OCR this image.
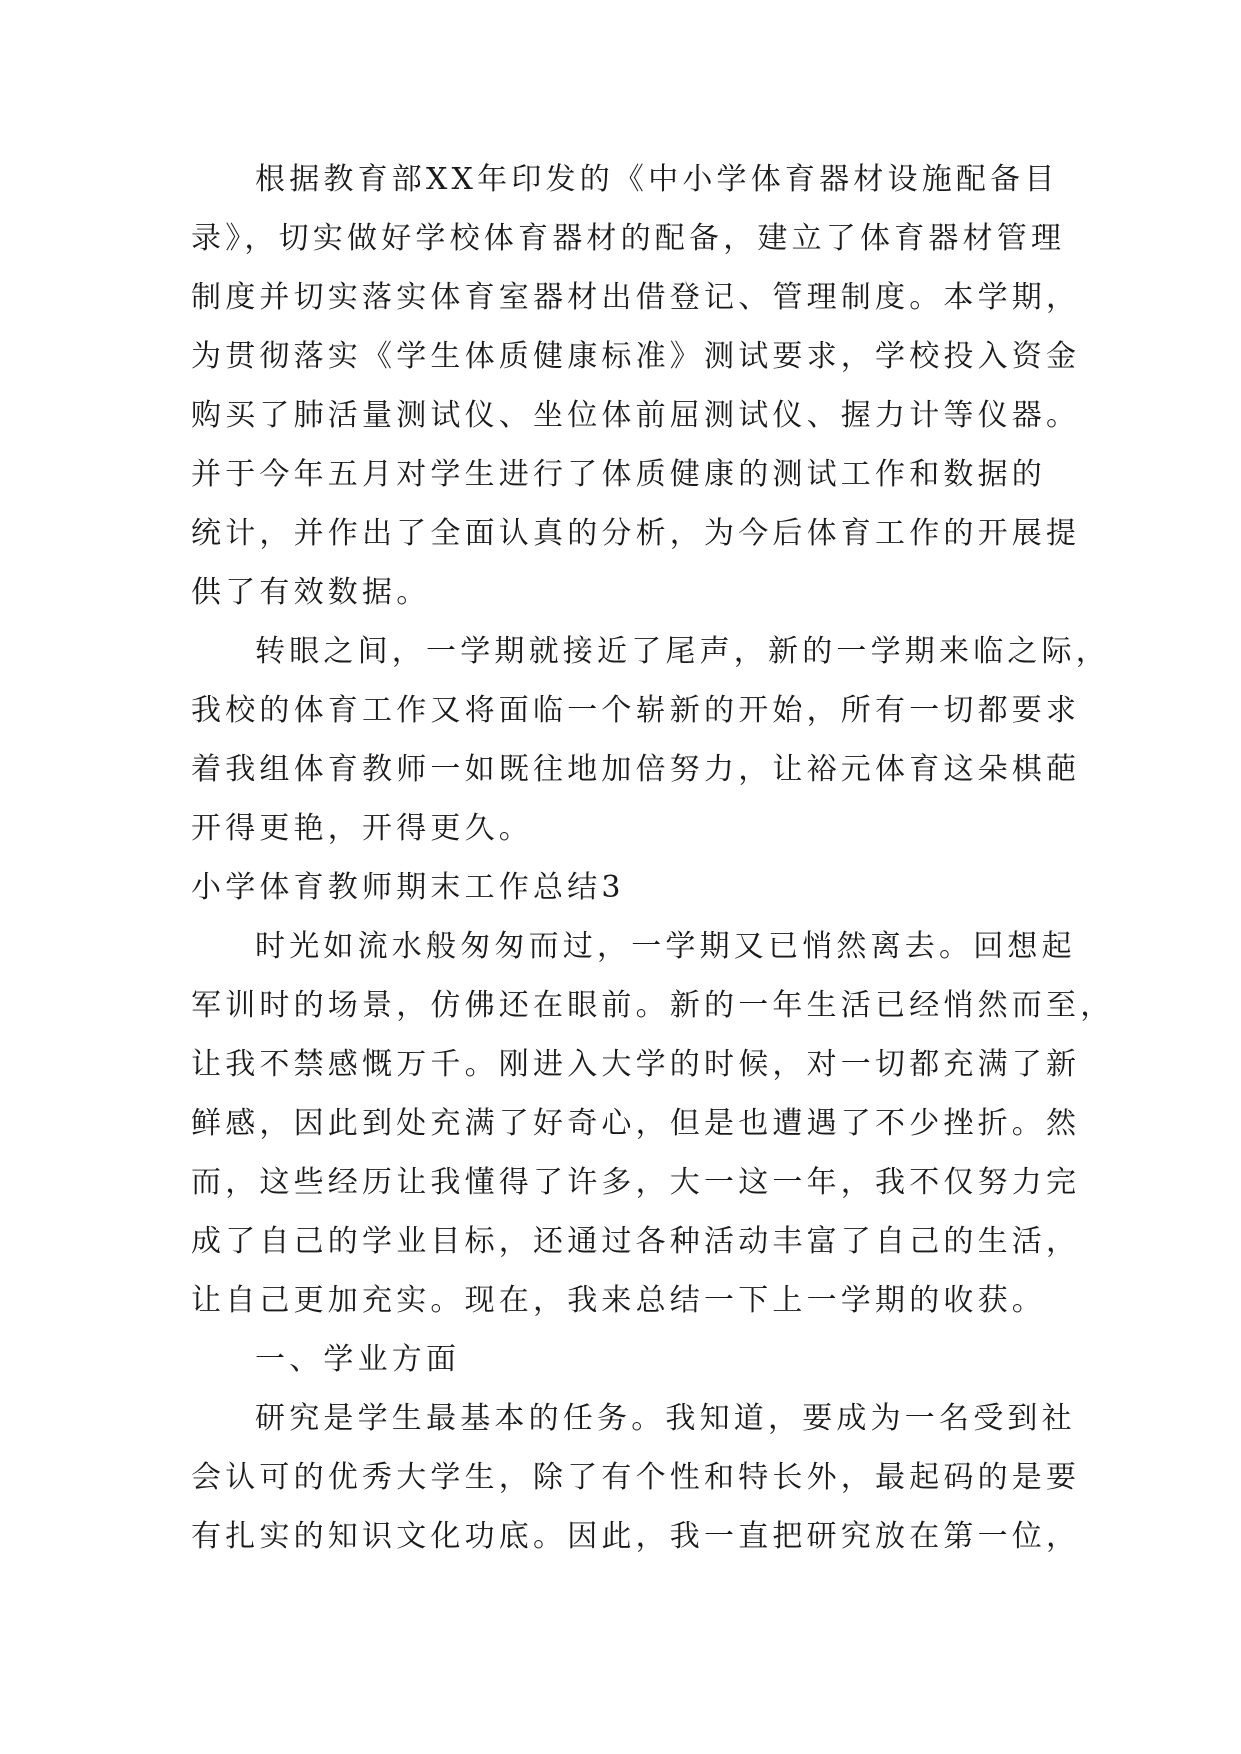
根据教育部XX年印发的《中小学体育器材设施配备目
录》，切实做好学校体育器材的配备，建立了体育器材管理
制度并切实落实体育室器材出借登记、管理制度。本学期，
为贯彻落实《学生体质健康标准》测试要求，学校投入资金
购买了肺活量测试仪、坐位体前屈测试仪、握力计等仪器。
并于今年五月对学生进行了体质健康的测试工作和数据的
统计，并作出了全面认真的分析，为今后体育工作的开展提
供了有效数据。
转眼之间，一学期就接近了尾声，新的一学期来临之际，
我校的体育工作又将面临一个崭新的开始，所有一切都要求
着我组体育教师一如既往地加倍努力，让裕元体育这朵棋葩
开得更艳，开得更久。
小学体育教师期末工作总结3
时光如流水般匆匆而过，一学期又已悄然离去。回想起
军训时的场景，仿佛还在眼前。新的一年生活已经悄然而至，
让我不禁感慨万千。刚进入大学的时候，对一切都充满了新
鲜感，因此到处充满了好奇心，但是也遭遇了不少挫折。然
而，这些经历让我懂得了许多，大一这一年，我不仅努力完
成了自己的学业目标，还通过各种活动丰富了自己的生活，
让自己更加充实。现在，我来总结一下上一学期的收获。
一、学业方面
研究是学生最基本的任务。我知道，要成为一名受到社
会认可的优秀大学生，除了有个性和特长外，最起码的是要
有扎实的知识文化功底。因此，我一直把研究放在第一位，
